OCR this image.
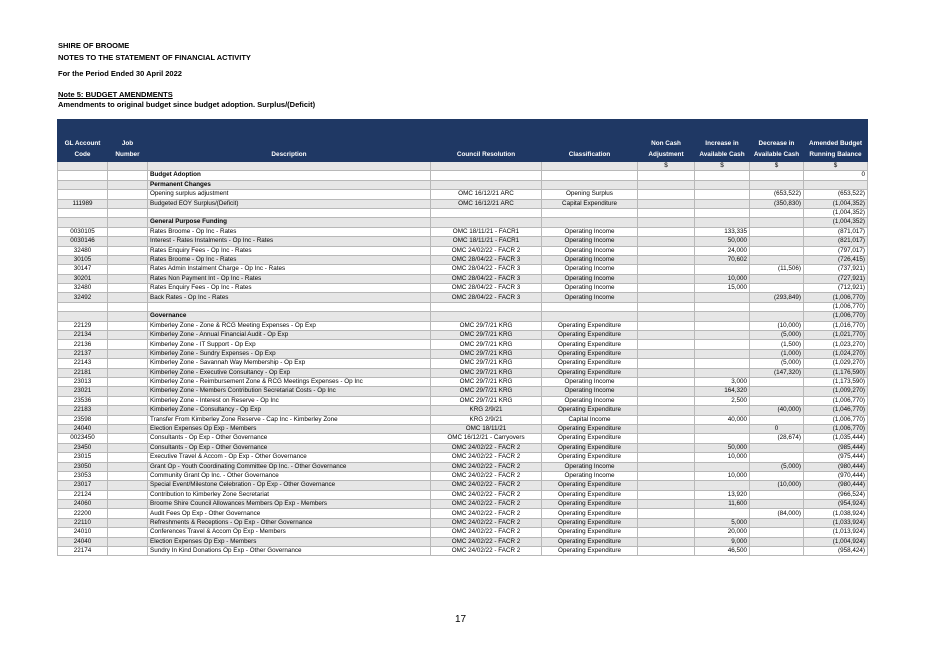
SHIRE OF BROOME
NOTES TO THE STATEMENT OF FINANCIAL ACTIVITY
For the Period Ended 30 April 2022
Note 5: BUDGET AMENDMENTS
Amendments to original budget since budget adoption. Surplus/(Deficit)
GL Account Code	Job Number	Description	Council Resolution	Classification	Non Cash Adjustment	Increase in Available Cash	Decrease in Available Cash	Amended Budget Running Balance
					$	$	$	$
		Budget Adoption						0
		Permanent Changes						
		Opening surplus adjustment	OMC 16/12/21 ARC	Opening Surplus			(653,522)	(653,522)
111989		Budgeted EOY Surplus/(Deficit)	OMC 16/12/21 ARC	Capital Expenditure			(350,830)	(1,004,352)
								(1,004,352)
		General Purpose Funding						(1,004,352)
0030105		Rates Broome - Op Inc - Rates	OMC 18/11/21 - FACR1	Operating Income		133,335		(871,017)
0030146		Interest - Rates Instalments - Op Inc - Rates	OMC 18/11/21 - FACR1	Operating Income		50,000		(821,017)
32480		Rates Enquiry Fees - Op Inc - Rates	OMC 24/02/22 - FACR 2	Operating Income		24,000		(797,017)
30105		Rates Broome - Op Inc - Rates	OMC 28/04/22 - FACR 3	Operating Income		70,602		(726,415)
30147		Rates Admin Instalment Charge - Op Inc - Rates	OMC 28/04/22 - FACR 3	Operating Income			(11,506)	(737,921)
30201		Rates Non Payment Int - Op Inc - Rates	OMC 28/04/22 - FACR 3	Operating Income		10,000		(727,921)
32480		Rates Enquiry Fees - Op Inc - Rates	OMC 28/04/22 - FACR 3	Operating Income		15,000		(712,921)
32492		Back Rates - Op Inc - Rates	OMC 28/04/22 - FACR 3	Operating Income			(293,849)	(1,006,770)
								(1,006,770)
		Governance						(1,006,770)
22129		Kimberley Zone - Zone & RCG Meeting Expenses - Op Exp	OMC 29/7/21 KRG	Operating Expenditure			(10,000)	(1,016,770)
22134		Kimberley Zone - Annual Financial Audit - Op Exp	OMC 29/7/21 KRG	Operating Expenditure			(5,000)	(1,021,770)
22136		Kimberley Zone - IT Support - Op Exp	OMC 29/7/21 KRG	Operating Expenditure			(1,500)	(1,023,270)
22137		Kimberley Zone - Sundry Expenses - Op Exp	OMC 29/7/21 KRG	Operating Expenditure			(1,000)	(1,024,270)
22143		Kimberley Zone - Savannah Way Membership - Op Exp	OMC 29/7/21 KRG	Operating Expenditure			(5,000)	(1,029,270)
22181		Kimberley Zone - Executive Consultancy - Op Exp	OMC 29/7/21 KRG	Operating Expenditure			(147,320)	(1,176,590)
23013		Kimberley Zone - Reimbursement Zone & RCG Meetings Expenses - Op Inc	OMC 29/7/21 KRG	Operating Income		3,000		(1,173,590)
23021		Kimberley Zone - Members Contribution Secretariat Costs - Op Inc	OMC 29/7/21 KRG	Operating Income		164,320		(1,009,270)
23536		Kimberley Zone - Interest on Reserve - Op Inc	OMC 29/7/21 KRG	Operating Income		2,500		(1,006,770)
22183		Kimberley Zone - Consultancy - Op Exp	KRG 2/9/21	Operating Expenditure			(40,000)	(1,046,770)
23598		Transfer From Kimberley Zone Reserve - Cap Inc - Kimberley Zone	KRG 2/9/21	Capital Income		40,000		(1,006,770)
24040		Election Expenses Op Exp - Members	OMC 18/11/21	Operating Expenditure			0	(1,006,770)
0023450		Consultants - Op Exp - Other Governance	OMC 16/12/21 - Carryovers	Operating Expenditure			(28,674)	(1,035,444)
23450		Consultants - Op Exp - Other Governance	OMC 24/02/22 - FACR 2	Operating Expenditure		50,000		(985,444)
23015		Executive Travel & Accom - Op Exp - Other Governance	OMC 24/02/22 - FACR 2	Operating Expenditure		10,000		(975,444)
23050		Grant Op - Youth Coordinating Committee Op Inc. - Other Governance	OMC 24/02/22 - FACR 2	Operating Income			(5,000)	(980,444)
23053		Community Grant Op Inc. - Other Governance	OMC 24/02/22 - FACR 2	Operating Income		10,000		(970,444)
23017		Special Event/Milestone Celebration - Op Exp - Other Governance	OMC 24/02/22 - FACR 2	Operating Expenditure			(10,000)	(980,444)
22124		Contribution to Kimberley Zone Secretariat	OMC 24/02/22 - FACR 2	Operating Expenditure		13,920		(966,524)
24060		Broome Shire Council Allowances Members Op Exp - Members	OMC 24/02/22 - FACR 2	Operating Expenditure		11,600		(954,924)
22200		Audit Fees Op Exp - Other Governance	OMC 24/02/22 - FACR 2	Operating Expenditure			(84,000)	(1,038,924)
22110		Refreshments & Receptions - Op Exp - Other Governance	OMC 24/02/22 - FACR 2	Operating Expenditure		5,000		(1,033,924)
24010		Conferences Travel & Accom Op Exp - Members	OMC 24/02/22 - FACR 2	Operating Expenditure		20,000		(1,013,924)
24040		Election Expenses Op Exp - Members	OMC 24/02/22 - FACR 2	Operating Expenditure		9,000		(1,004,924)
22174		Sundry In Kind Donations Op Exp - Other Governance	OMC 24/02/22 - FACR 2	Operating Expenditure		46,500		(958,424)
17
